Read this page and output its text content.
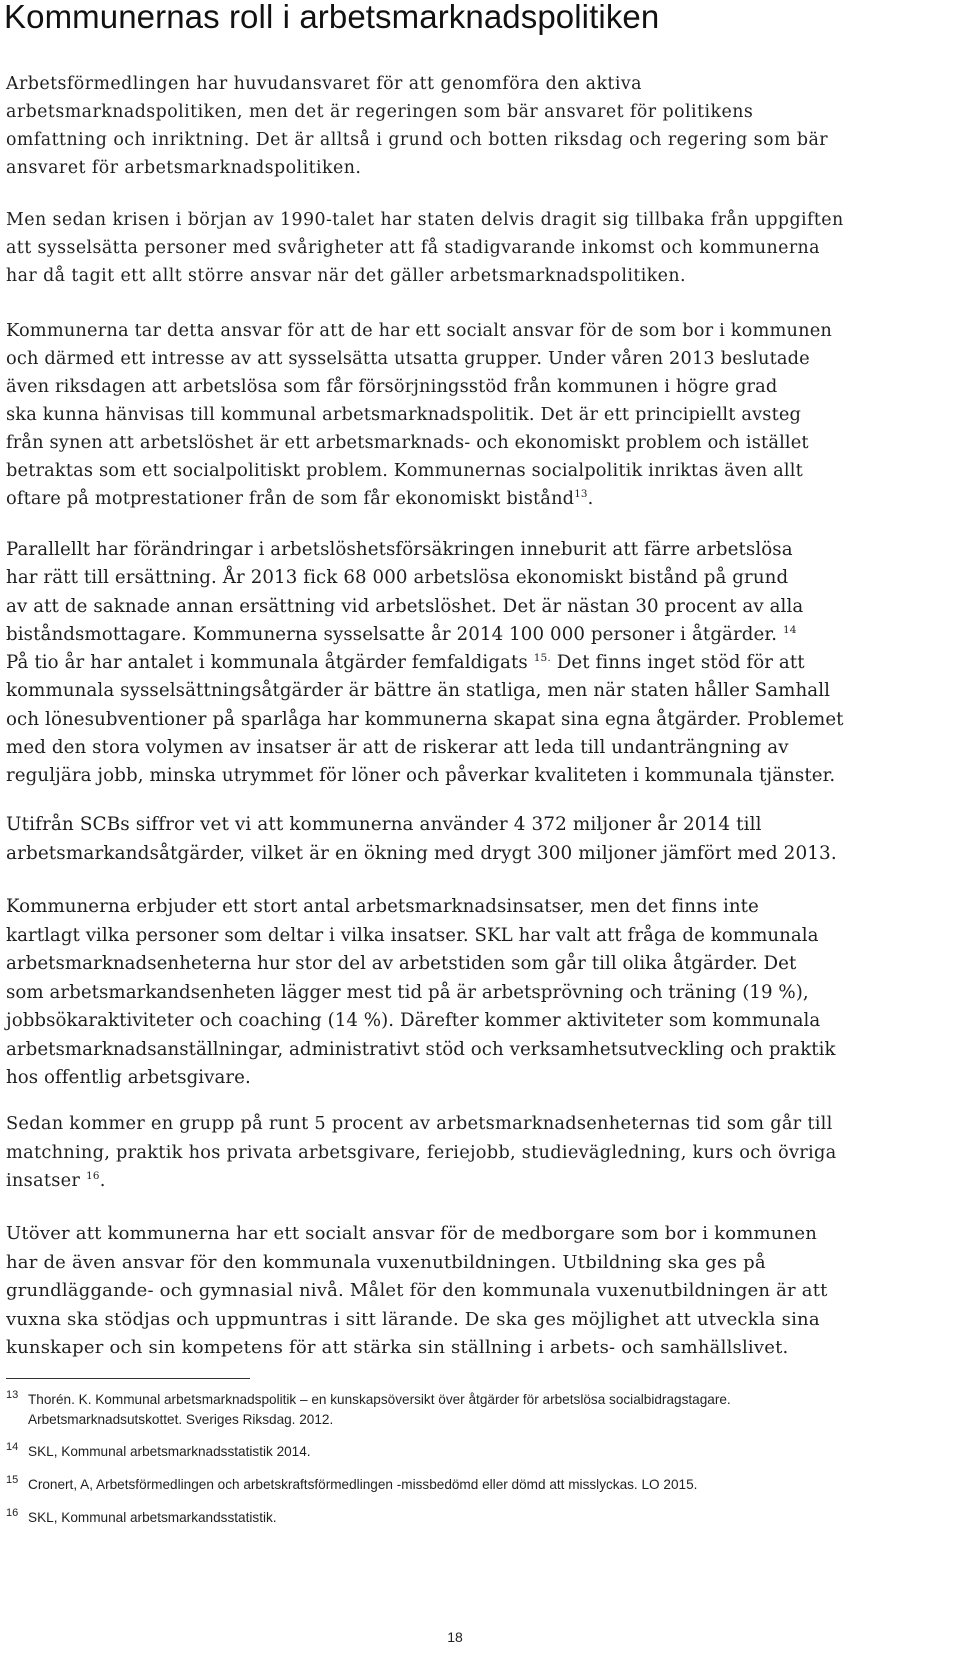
Kommunernas roll i arbetsmarknadspolitiken

Arbetsförmedlingen har huvudansvaret för att genomföra den aktiva
arbetsmarknadspolitiken, men det är regeringen som bär ansvaret för politikens
omfattning och inriktning. Det är alltså i grund och botten riksdag och regering som bär
ansvaret för arbetsmarknadspolitiken.

Men sedan krisen i början av 1990-talet har staten delvis dragit sig tillbaka från uppgiften
att sysselsätta personer med svårigheter att få stadigvarande inkomst och kommunerna
har då tagit ett allt större ansvar när det gäller arbetsmarknadspolitiken.

Kommunerna tar detta ansvar för att de har ett socialt ansvar för de som bor i kommunen
och därmed ett intresse av att sysselsätta utsatta grupper. Under våren 2013 beslutade
även riksdagen att arbetslösa som får försörjningsstöd från kommunen i högre grad
ska kunna hänvisas till kommunal arbetsmarknadspolitik. Det är ett principiellt avsteg
från synen att arbetslöshet är ett arbetsmarknads- och ekonomiskt problem och istället
betraktas som ett socialpolitiskt problem. Kommunernas socialpolitik inriktas även allt
oftare på motprestationer från de som får ekonomiskt bistånd$^{13}$.

Parallellt har förändringar i arbetslöshetsförsäkringen inneburit att färre arbetslösa
har rätt till ersättning. År 2013 fick 68 000 arbetslösa ekonomiskt bistånd på grund
av att de saknade annan ersättning vid arbetslöshet. Det är nästan 30 procent av alla
biståndsmottagare. Kommunerna sysselsatte år 2014 100 000 personer i åtgärder. $^{14}$
På tio år har antalet i kommunala åtgärder femfaldigats $^{15.}$ Det finns inget stöd för att
kommunala sysselsättningsåtgärder är bättre än statliga, men när staten håller Samhall
och lönesubventioner på sparlåga har kommunerna skapat sina egna åtgärder. Problemet
med den stora volymen av insatser är att de riskerar att leda till undanträngning av
reguljära jobb, minska utrymmet för löner och påverkar kvaliteten i kommunala tjänster.

Utifrån SCBs siffror vet vi att kommunerna använder 4 372 miljoner år 2014 till
arbetsmarkandsåtgärder, vilket är en ökning med drygt 300 miljoner jämfört med 2013.

Kommunerna erbjuder ett stort antal arbetsmarknadsinsatser, men det finns inte
kartlagt vilka personer som deltar i vilka insatser. SKL har valt att fråga de kommunala
arbetsmarknadsenheterna hur stor del av arbetstiden som går till olika åtgärder. Det
som arbetsmarkandsenheten lägger mest tid på är arbetsprövning och träning (19 %),
jobbsökaraktiviteter och coaching (14 %). Därefter kommer aktiviteter som kommunala
arbetsmarknadsanställningar, administrativt stöd och verksamhetsutveckling och praktik
hos offentlig arbetsgivare.

Sedan kommer en grupp på runt 5 procent av arbetsmarknadsenheternas tid som går till
matchning, praktik hos privata arbetsgivare, feriejobb, studievägledning, kurs och övriga
insatser $^{16}$.

Utöver att kommunerna har ett socialt ansvar för de medborgare som bor i kommunen
har de även ansvar för den kommunala vuxenutbildningen. Utbildning ska ges på
grundläggande- och gymnasial nivå. Målet för den kommunala vuxenutbildningen är att
vuxna ska stödjas och uppmuntras i sitt lärande. De ska ges möjlighet att utveckla sina
kunskaper och sin kompetens för att stärka sin ställning i arbets- och samhällslivet.

13 Thorén. K. Kommunal arbetsmarknadspolitik – en kunskapsöversikt över åtgärder för arbetslösa socialbidragstagare.
Arbetsmarknadsutskottet. Sveriges Riksdag. 2012.
14 SKL, Kommunal arbetsmarknadsstatistik 2014.
15 Cronert, A, Arbetsförmedlingen och arbetskraftsförmedlingen -missbedömd eller dömd att misslyckas. LO 2015.
16 SKL, Kommunal arbetsmarkandsstatistik.
18
